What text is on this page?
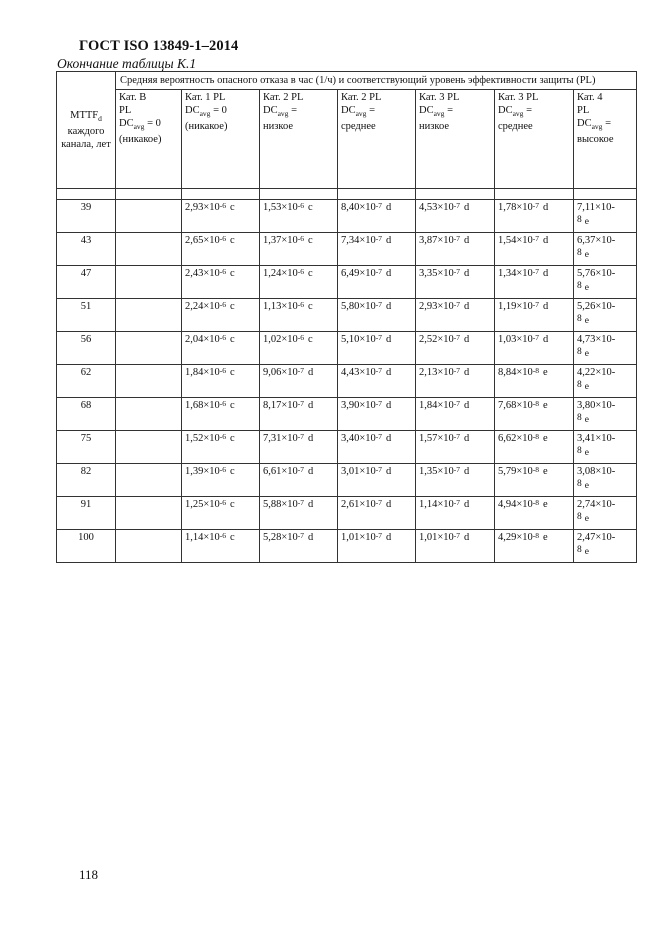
ГОСТ ISO 13849-1–2014

Окончание таблицы К.1

$MTTF_d$
каждого канала, лет	Средняя вероятность опасного отказа в час (1/ч) и соответствующий уровень эффективности защиты (PL)						
	Кат. B
PL
$DC_{avg} = 0$
(никакое)	Кат. 1 PL
$DC_{avg} = 0$
(никакое)	Кат. 2 PL
$DC_{avg}$ =
низкое	Кат. 2 PL
$DC_{avg}$ =
среднее	Кат. 3 PL
$DC_{avg}$ =
низкое	Кат. 3 PL
$DC_{avg}$ =
среднее	Кат. 4
PL
$DC_{avg}$ =
высокое

39		$2,93\times 10^{-6}$ c	$1,53\times 10^{-6}$ c	$8,40\times 10^{-7}$ d	$4,53\times 10^{-7}$ d	$1,78\times 10^{-7}$ d	7,11×10-
8 e

43		$2,65\times 10^{-6}$ c	$1,37\times 10^{-6}$ c	$7,34\times 10^{-7}$ d	$3,87\times 10^{-7}$ d	$1,54\times 10^{-7}$ d	6,37×10-
8 e

47		$2,43\times 10^{-6}$ c	$1,24\times 10^{-6}$ c	$6,49\times 10^{-7}$ d	$3,35\times 10^{-7}$ d	$1,34\times 10^{-7}$ d	5,76×10-
8 e

51		$2,24\times 10^{-6}$ c	$1,13\times 10^{-6}$ c	$5,80\times 10^{-7}$ d	$2,93\times 10^{-7}$ d	$1,19\times 10^{-7}$ d	5,26×10-
8 e

56		$2,04\times 10^{-6}$ c	$1,02\times 10^{-6}$ c	$5,10\times 10^{-7}$ d	$2,52\times 10^{-7}$ d	$1,03\times 10^{-7}$ d	4,73×10-
8 e

62		$1,84\times 10^{-6}$ c	$9,06\times 10^{-7}$ d	$4,43\times 10^{-7}$ d	$2,13\times 10^{-7}$ d	$8,84\times 10^{-8}$ e	4,22×10-
8 e

68		$1,68\times 10^{-6}$ c	$8,17\times 10^{-7}$ d	$3,90\times 10^{-7}$ d	$1,84\times 10^{-7}$ d	$7,68\times 10^{-8}$ e	3,80×10-
8 e

75		$1,52\times 10^{-6}$ c	$7,31\times 10^{-7}$ d	$3,40\times 10^{-7}$ d	$1,57\times 10^{-7}$ d	$6,62\times 10^{-8}$ e	3,41×10-
8 e

82		$1,39\times 10^{-6}$ c	$6,61\times 10^{-7}$ d	$3,01\times 10^{-7}$ d	$1,35\times 10^{-7}$ d	$5,79\times 10^{-8}$ e	3,08×10-
8 e

91		$1,25\times 10^{-6}$ c	$5,88\times 10^{-7}$ d	$2,61\times 10^{-7}$ d	$1,14\times 10^{-7}$ d	$4,94\times 10^{-8}$ e	2,74×10-
8 e

100		$1,14\times 10^{-6}$ c	$5,28\times 10^{-7}$ d	$1,01\times 10^{-7}$ d	$1,01\times 10^{-7}$ d	$4,29\times 10^{-8}$ e	2,47×10-
8 e

118
